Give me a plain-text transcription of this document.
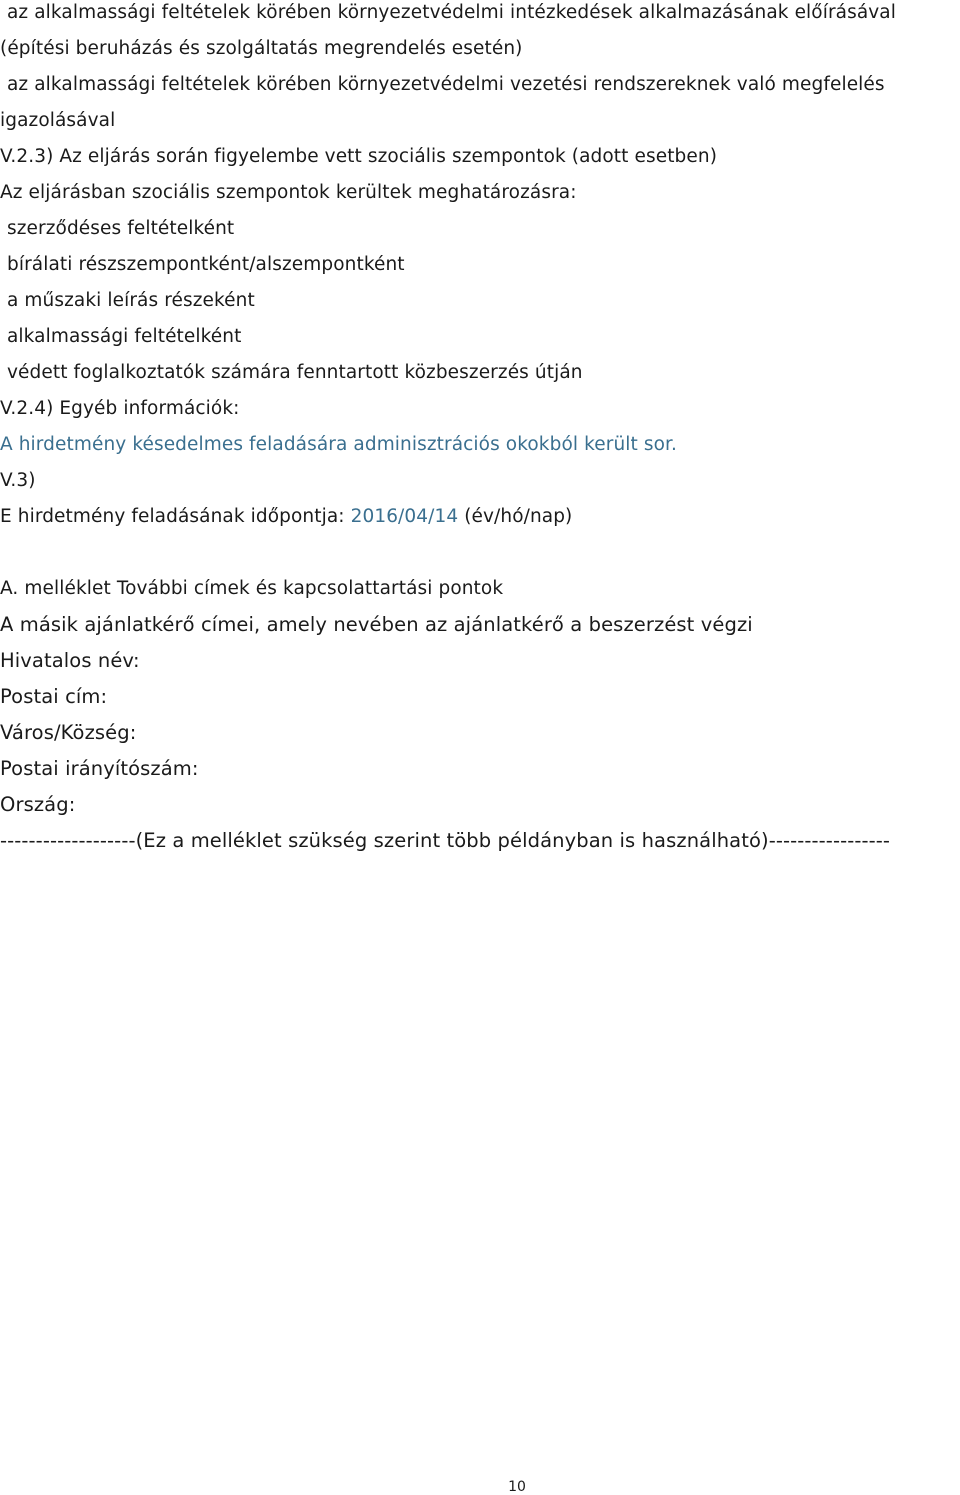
az alkalmassági feltételek körében környezetvédelmi intézkedések alkalmazásának előírásával
(építési beruházás és szolgáltatás megrendelés esetén)
az alkalmassági feltételek körében környezetvédelmi vezetési rendszereknek való megfelelés
igazolásával
V.2.3) Az eljárás során figyelembe vett szociális szempontok (adott esetben)
Az eljárásban szociális szempontok kerültek meghatározásra:
szerződéses feltételként
bírálati részszempontként/alszempontként
a műszaki leírás részeként
alkalmassági feltételként
védett foglalkoztatók számára fenntartott közbeszerzés útján
V.2.4) Egyéb információk:
A hirdetmény késedelmes feladására adminisztrációs okokból került sor.
V.3)
E hirdetmény feladásának időpontja: 2016/04/14 (év/hó/nap)
A. melléklet További címek és kapcsolattartási pontok
A másik ajánlatkérő címei, amely nevében az ajánlatkérő a beszerzést végzi
Hivatalos név:
Postai cím:
Város/Község:
Postai irányítószám:
Ország:
-------------------(Ez a melléklet szükség szerint több példányban is használható)-----------------
10
